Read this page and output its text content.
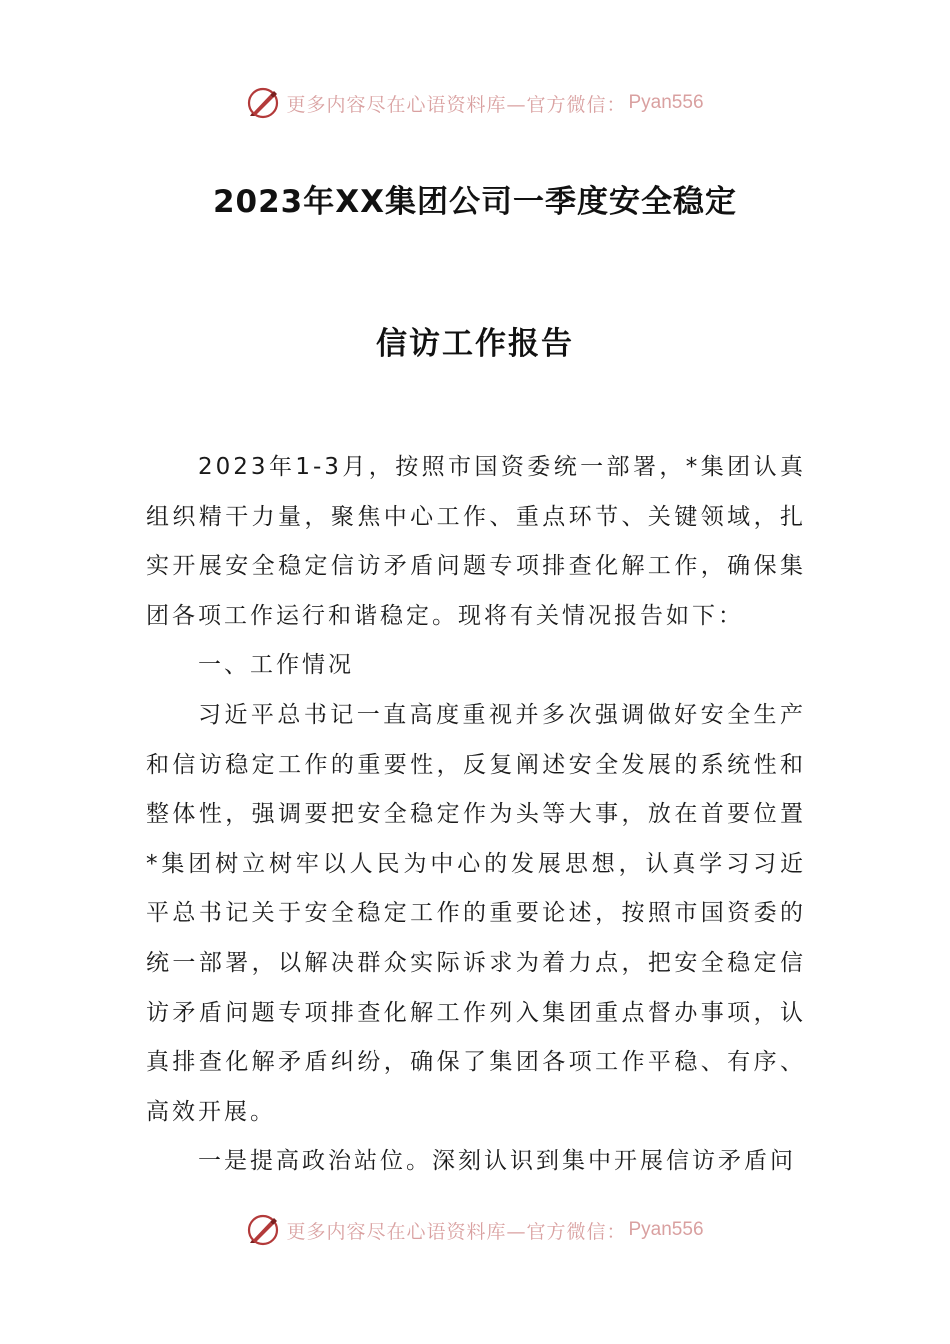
更多内容尽在心语资料库—官方微信： Pyan556
2023年XX集团公司一季度安全稳定
信访工作报告

2023年1-3月，按照市国资委统一部署，*集团认真组织精干力量，聚焦中心工作、重点环节、关键领域，扎实开展安全稳定信访矛盾问题专项排查化解工作，确保集团各项工作运行和谐稳定。现将有关情况报告如下：

一、工作情况

习近平总书记一直高度重视并多次强调做好安全生产和信访稳定工作的重要性，反复阐述安全发展的系统性和整体性，强调要把安全稳定作为头等大事，放在首要位置*集团树立树牢以人民为中心的发展思想，认真学习习近平总书记关于安全稳定工作的重要论述，按照市国资委的统一部署，以解决群众实际诉求为着力点，把安全稳定信访矛盾问题专项排查化解工作列入集团重点督办事项，认真排查化解矛盾纠纷，确保了集团各项工作平稳、有序、高效开展。

一是提高政治站位。深刻认识到集中开展信访矛盾问

更多内容尽在心语资料库—官方微信： Pyan556
